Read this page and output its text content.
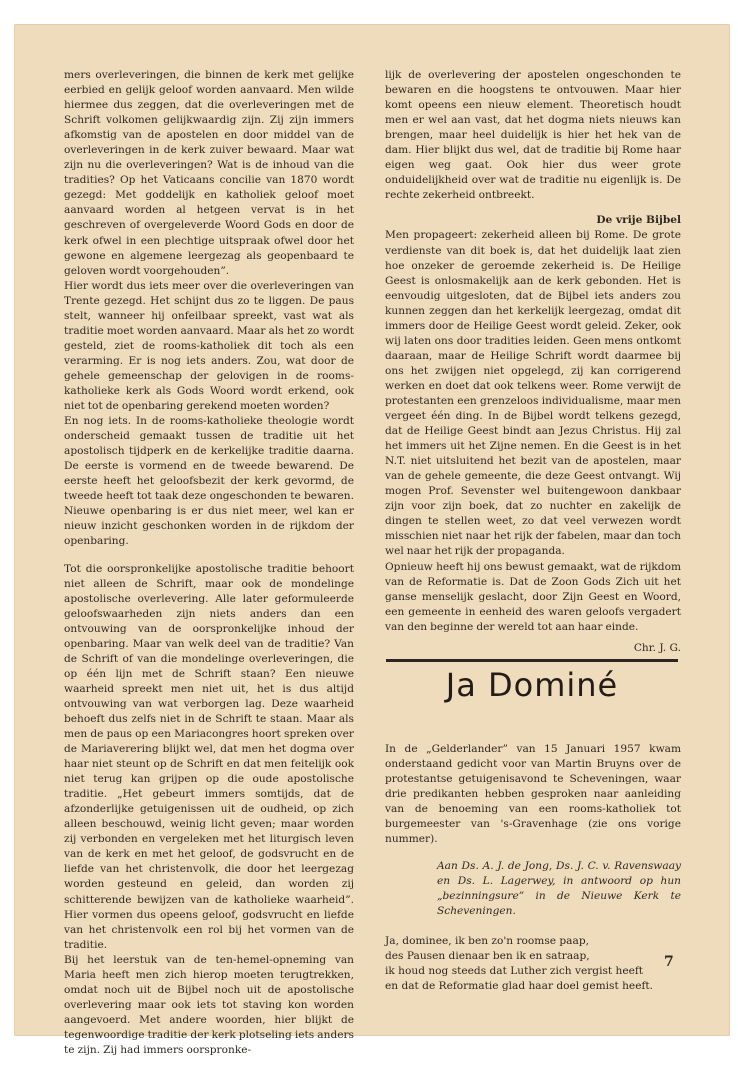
mers overleveringen, die binnen de kerk met gelijke eerbied en gelijk geloof worden aanvaard. Men wilde hiermee dus zeggen, dat die overleveringen met de Schrift volkomen gelijkwaardig zijn. Zij zijn immers afkomstig van de apostelen en door middel van de overleveringen in de kerk zuiver bewaard. Maar wat zijn nu die overleveringen? Wat is de inhoud van die tradities? Op het Vaticaans concilie van 1870 wordt gezegd: Met goddelijk en katholiek geloof moet aanvaard worden al hetgeen vervat is in het geschreven of overgeleverde Woord Gods en door de kerk ofwel in een plechtige uitspraak ofwel door het gewone en algemene leergezag als geopenbaard te geloven wordt voorgehouden”.

Hier wordt dus iets meer over die overleveringen van Trente gezegd. Het schijnt dus zo te liggen. De paus stelt, wanneer hij onfeilbaar spreekt, vast wat als traditie moet worden aanvaard. Maar als het zo wordt gesteld, ziet de rooms-katholiek dit toch als een verarming. Er is nog iets anders. Zou, wat door de gehele gemeenschap der gelovigen in de rooms-katholieke kerk als Gods Woord wordt erkend, ook niet tot de openbaring gerekend moeten worden?

En nog iets. In de rooms-katholieke theologie wordt onderscheid gemaakt tussen de traditie uit het apostolisch tijdperk en de kerkelijke traditie daarna. De eerste is vormend en de tweede bewarend. De eerste heeft het geloofsbezit der kerk gevormd, de tweede heeft tot taak deze ongeschonden te bewaren. Nieuwe openbaring is er dus niet meer, wel kan er nieuw inzicht geschonken worden in de rijkdom der openbaring.

Tot die oorspronkelijke apostolische traditie behoort niet alleen de Schrift, maar ook de mondelinge apostolische overlevering. Alle later geformuleerde geloofswaarheden zijn niets anders dan een ontvouwing van de oorspronkelijke inhoud der openbaring. Maar van welk deel van de traditie? Van de Schrift of van die mondelinge overleveringen, die op één lijn met de Schrift staan? Een nieuwe waarheid spreekt men niet uit, het is dus altijd ontvouwing van wat verborgen lag. Deze waarheid behoeft dus zelfs niet in de Schrift te staan. Maar als men de paus op een Mariacongres hoort spreken over de Mariaverering blijkt wel, dat men het dogma over haar niet steunt op de Schrift en dat men feitelijk ook niet terug kan grijpen op die oude apostolische traditie. „Het gebeurt immers somtijds, dat de afzonderlijke getuigenissen uit de oudheid, op zich alleen beschouwd, weinig licht geven; maar worden zij verbonden en vergeleken met het liturgisch leven van de kerk en met het geloof, de godsvrucht en de liefde van het christenvolk, die door het leergezag worden gesteund en geleid, dan worden zij schitterende bewijzen van de katholieke waarheid”. Hier vormen dus opeens geloof, godsvrucht en liefde van het christenvolk een rol bij het vormen van de traditie.

Bij het leerstuk van de ten-hemel-opneming van Maria heeft men zich hierop moeten terugtrekken, omdat noch uit de Bijbel noch uit de apostolische overlevering maar ook iets tot staving kon worden aangevoerd. Met andere woorden, hier blijkt de tegenwoordige traditie der kerk plotseling iets anders te zijn. Zij had immers oorspronke-

lijk de overlevering der apostelen ongeschonden te bewaren en die hoogstens te ontvouwen. Maar hier komt opeens een nieuw element. Theoretisch houdt men er wel aan vast, dat het dogma niets nieuws kan brengen, maar heel duidelijk is hier het hek van de dam. Hier blijkt dus wel, dat de traditie bij Rome haar eigen weg gaat. Ook hier dus weer grote onduidelijkheid over wat de traditie nu eigenlijk is. De rechte zekerheid ontbreekt.

De vrije Bijbel

Men propageert: zekerheid alleen bij Rome. De grote verdienste van dit boek is, dat het duidelijk laat zien hoe onzeker de geroemde zekerheid is. De Heilige Geest is onlosmakelijk aan de kerk gebonden. Het is eenvoudig uitgesloten, dat de Bijbel iets anders zou kunnen zeggen dan het kerkelijk leergezag, omdat dit immers door de Heilige Geest wordt geleid. Zeker, ook wij laten ons door tradities leiden. Geen mens ontkomt daaraan, maar de Heilige Schrift wordt daarmee bij ons het zwijgen niet opgelegd, zij kan corrigerend werken en doet dat ook telkens weer. Rome verwijt de protestanten een grenzeloos individualisme, maar men vergeet één ding. In de Bijbel wordt telkens gezegd, dat de Heilige Geest bindt aan Jezus Christus. Hij zal het immers uit het Zijne nemen. En die Geest is in het N.T. niet uitsluitend het bezit van de apostelen, maar van de gehele gemeente, die deze Geest ontvangt. Wij mogen Prof. Sevenster wel buitengewoon dankbaar zijn voor zijn boek, dat zo nuchter en zakelijk de dingen te stellen weet, zo dat veel verwezen wordt misschien niet naar het rijk der fabelen, maar dan toch wel naar het rijk der propaganda.

Opnieuw heeft hij ons bewust gemaakt, wat de rijkdom van de Reformatie is. Dat de Zoon Gods Zich uit het ganse menselijk geslacht, door Zijn Geest en Woord, een gemeente in eenheid des waren geloofs vergadert van den beginne der wereld tot aan haar einde.

Chr. J. G.

Ja Dominé

In de „Gelderlander” van 15 Januari 1957 kwam onderstaand gedicht voor van Martin Bruyns over de protestantse getuigenisavond te Scheveningen, waar drie predikanten hebben gesproken naar aanleiding van de benoeming van een rooms-katholiek tot burgemeester van 's-Gravenhage (zie ons vorige nummer).

Aan Ds. A. J. de Jong, Ds. J. C. v. Ravenswaay en Ds. L. Lagerwey, in antwoord op hun „bezinningsure” in de Nieuwe Kerk te Scheveningen.

Ja, dominee, ik ben zo'n roomse paap,
des Pausen dienaar ben ik en satraap,
ik houd nog steeds dat Luther zich vergist heeft
en dat de Reformatie glad haar doel gemist heeft.
7
